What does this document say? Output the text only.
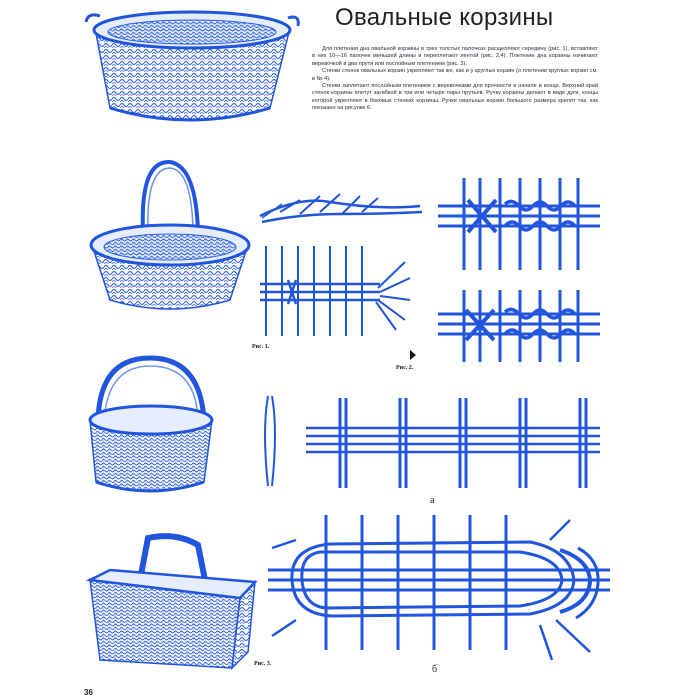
Овальные корзины

Для плетения дна овальной корзины в трех толстых палочках расщепляют середину (рис. 1), вставляют в них 10—16 палочек меньшей длины и переплетают лентой (рис. 2,4). Плетение дна корзины начинают веревочкой в два прутя или послойным плетением (рис. 3).

Стенки стенок овальных корзин укрепляют так же, как и у круглых корзин (о плетении круглых корзин см. в № 4).

Стенки заплетают послойным плетением с веревочками для прочности в начале и конце. Верхний край стенок корзины плетут загибкой в три или четыре пары прутьев. Ручку корзины делают в виде дуги, концы которой укрепляют в боковых стенках корзины. Ручки овальных корзин большого размера крепят так, как показано на рисунке 6.

Рис. 1.
Рис. 2.
Рис. 3.
а
б
36
